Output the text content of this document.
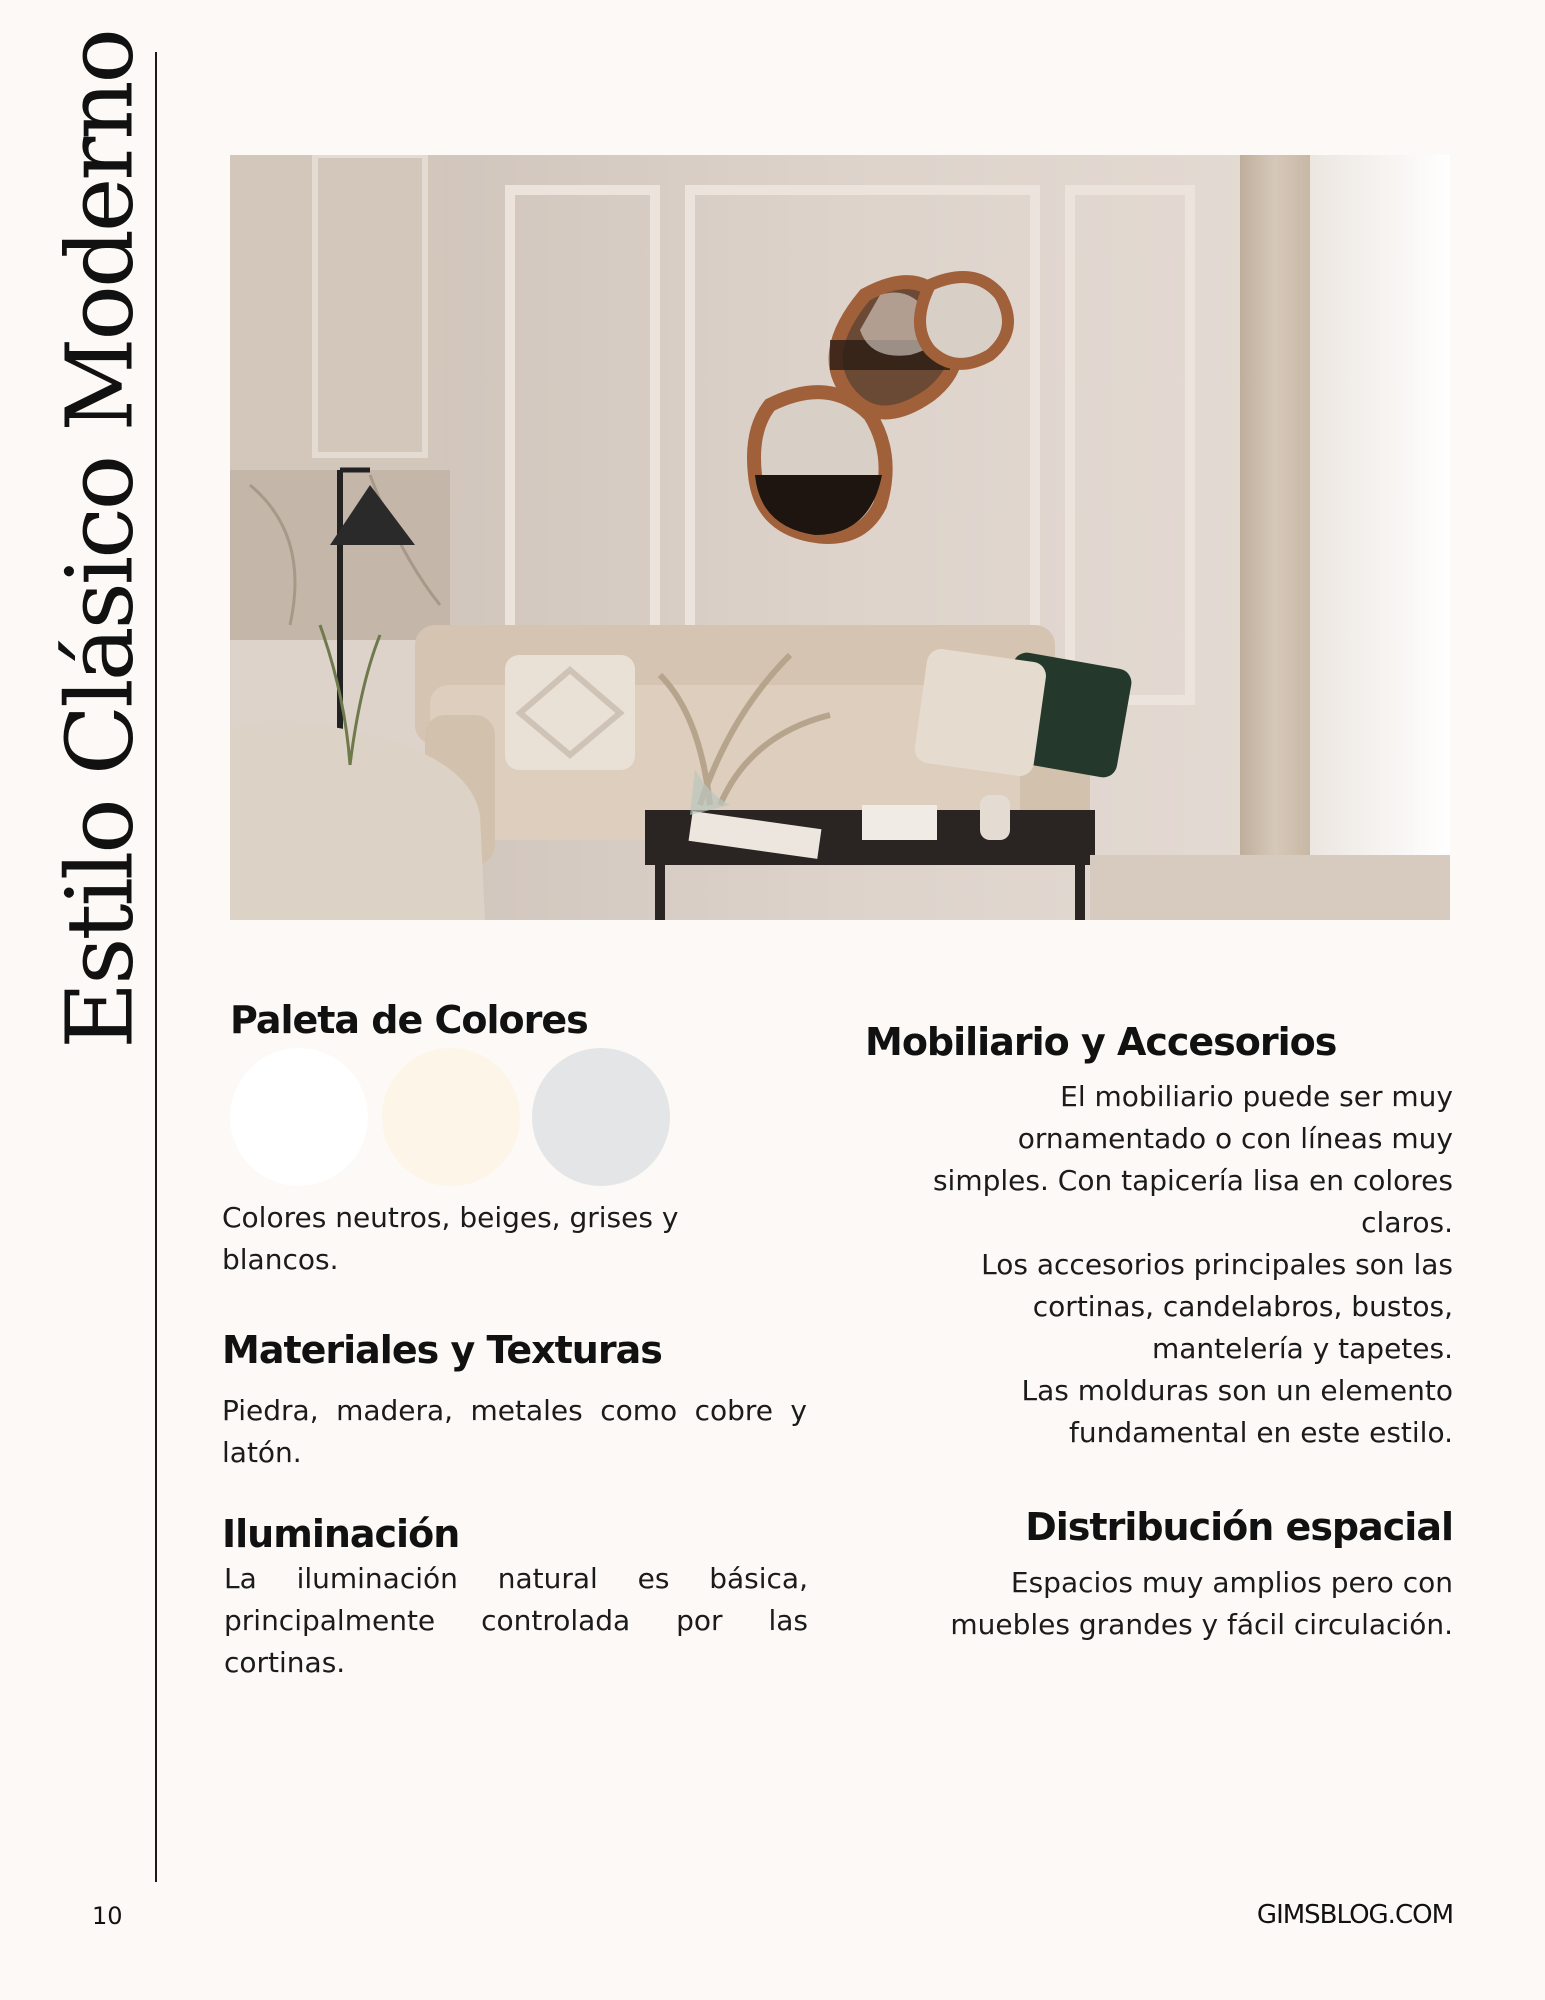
Estilo Clásico Moderno Paleta de Colores

Colores neutros, beiges, grises y blancos.

Materiales y Texturas

Piedra, madera, metales como cobre y latón.

Iluminación

La iluminación natural es básica, principalmente controlada por las cortinas.

Mobiliario y Accesorios
El mobiliario puede ser muy
ornamentado o con líneas muy
simples. Con tapicería lisa en colores
claros.
Los accesorios principales son las
cortinas, candelabros, bustos,
mantelería y tapetes.
Las molduras son un elemento
fundamental en este estilo.
Distribución espacial
Espacios muy amplios pero con
muebles grandes y fácil circulación.
10	GIMSBLOG.COM
